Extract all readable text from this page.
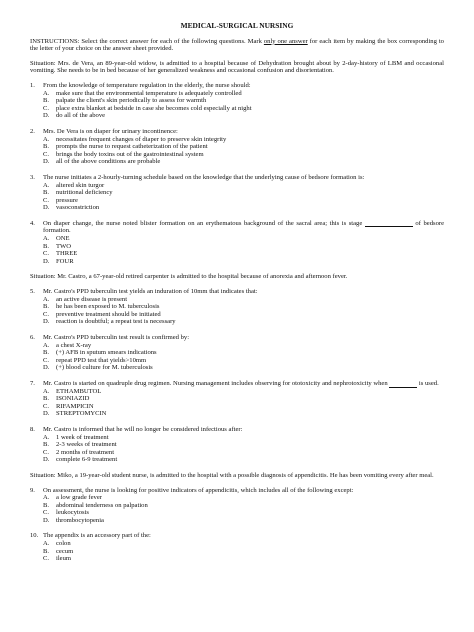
MEDICAL-SURGICAL NURSING

INSTRUCTIONS: Select the correct answer for each of the following questions. Mark only one answer for each item by making the box corresponding to the letter of your choice on the answer sheet provided.

Situation: Mrs. de Vera, an 89-year-old widow, is admitted to a hospital because of Dehydration brought about by 2-day-history of LBM and occasional vomiting. She needs to be in bed because of her generalized weakness and occasional confusion and disorientation.

1.	From the knowledge of temperature regulation in the elderly, the nurse should:
A. make sure that the environmental temperature is adequately controlled
B.	palpate the client's skin periodically to assess for warmth
C.	place extra blanket at bedside in case she becomes cold especially at night
D. do all of the above
2.	Mrs. De Vera is on diaper for urinary incontinence:
A. necessitates frequent changes of diaper to preserve skin integrity
B.	prompts the nurse to request catheterization of the patient
C.	brings the body toxins out of the gastrointestinal system
D. all of the above conditions are probable
3.	The nurse initiates a 2-hourly-turning schedule based on the knowledge that the underlying cause of bedsore formation is:
A. altered skin turgor
B.	nutritional deficiency
C.	pressure
D. vasoconstriction
4.	On diaper change, the nurse noted blister formation on an erythematous background of the sacral area; this is stage	of bedsore formation.
A. ONE
B.	TWO
C.	THREE
D. FOUR

Situation: Mr. Castro, a 67-year-old retired carpenter is admitted to the hospital because of anorexia and afternoon fever.

5.	Mr. Castro's PPD tuberculin test yields an induration of 10mm that indicates that:
A. an active disease is present
B.	he has been exposed to M. tuberculosis
C.	preventive treatment should be initiated
D. reaction is doubtful; a repeat test is necessary
6.	Mr. Castro's PPD tuberculin test result is confirmed by:
A. a chest X-ray
B.	(+) AFB in sputum smears indications
C.	repeat PPD test that yields>10mm
D. (+) blood culture for M. tuberculosis
7.	Mr. Castro is started on quadruple drug regimen. Nursing management includes observing for ototoxicity and nephrotoxicity when	is used.
A. ETHAMBUTOL
B.	ISONIAZID
C.	RIFAMPICIN
D. STREPTOMYCIN
8.	Mr. Castro is informed that he will no longer be considered infectious after:
A. 1 week of treatment
B.	2-3 weeks of treatment
C.	2 months of treatment
D. complete 6-9 treatment

Situation: Miko, a 19-year-old student nurse, is admitted to the hospital with a possible diagnosis of appendicitis. He has been vomiting every after meal.

9.	On assessment, the nurse is looking for positive indicators of appendicitis, which includes all of the following except:
A. a low grade fever
B.	abdominal tenderness on palpation
C.	leukocytosis
D. thrombocytopenia
10. The appendix is an accessory part of the:
A. colon
B.	cecum
C.	ileum
